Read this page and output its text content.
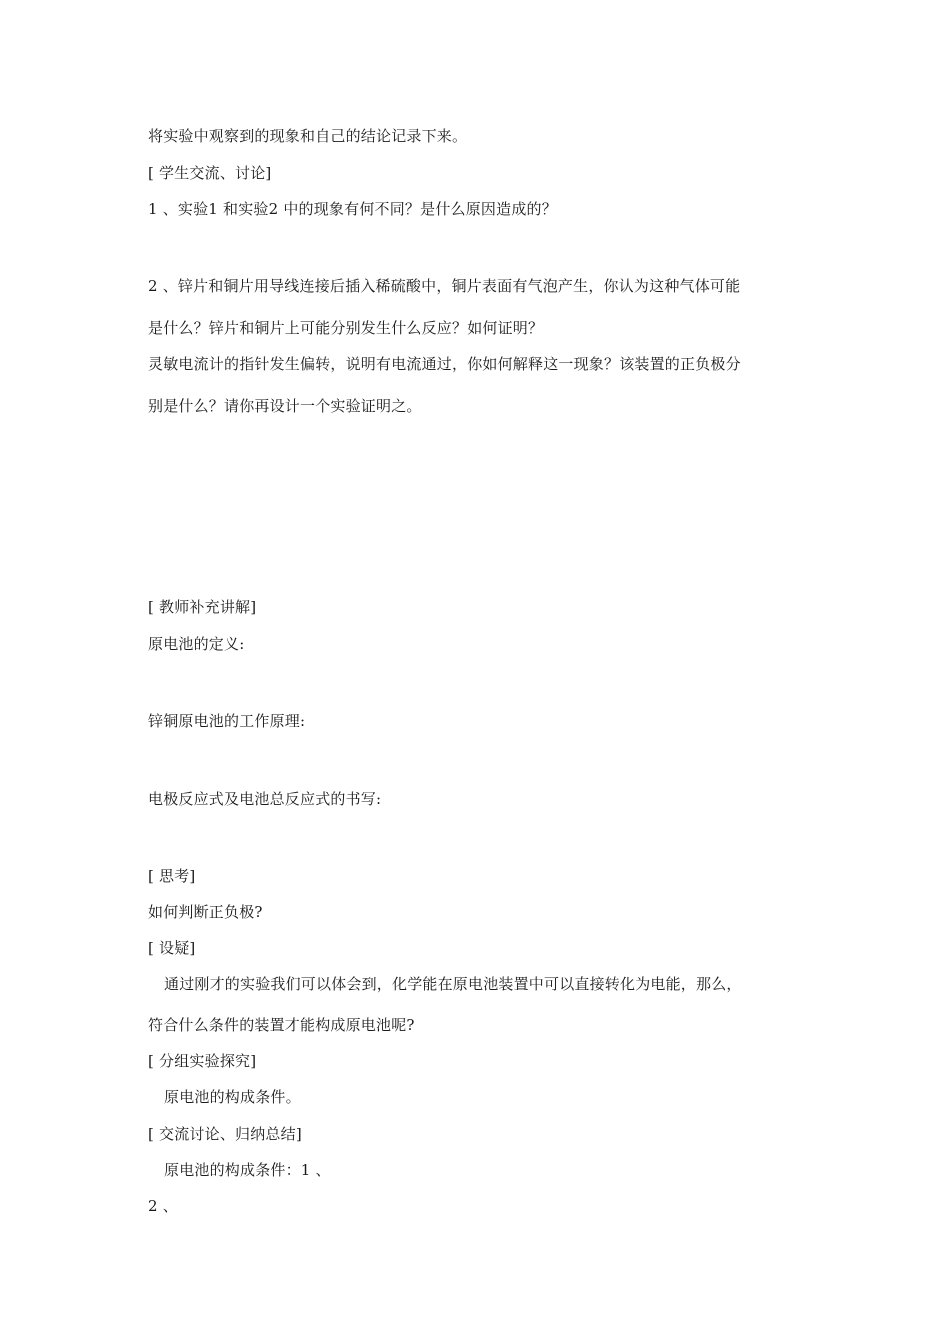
将实验中观察到的现象和自己的结论记录下来。
[ 学生交流、讨论]
1 、实验1 和实验2 中的现象有何不同？是什么原因造成的？
2 、锌片和铜片用导线连接后插入稀硫酸中，铜片表面有气泡产生，你认为这种气体可能
是什么？锌片和铜片上可能分别发生什么反应？如何证明？
灵敏电流计的指针发生偏转，说明有电流通过，你如何解释这一现象？该装置的正负极分
别是什么？请你再设计一个实验证明之。
[ 教师补充讲解]
原电池的定义:
锌铜原电池的工作原理:
电极反应式及电池总反应式的书写:
[ 思考]
如何判断正负极?
[ 设疑]
通过刚才的实验我们可以体会到，化学能在原电池装置中可以直接转化为电能，那么，
符合什么条件的装置才能构成原电池呢?
[ 分组实验探究]
原电池的构成条件。
[ 交流讨论、归纳总结]
原电池的构成条件：1 、
2 、
